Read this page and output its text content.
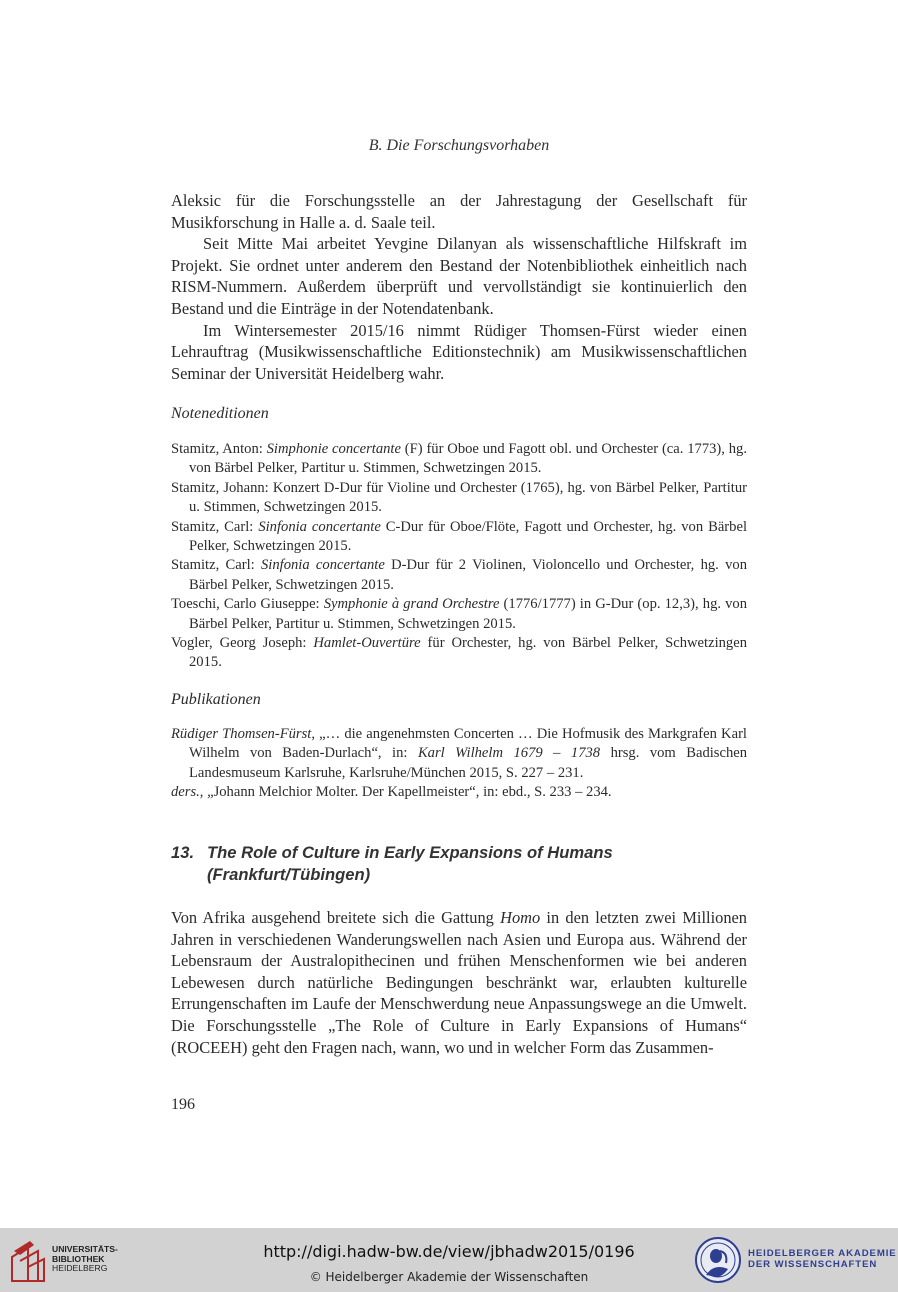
B. Die Forschungsvorhaben

Aleksic für die Forschungsstelle an der Jahrestagung der Gesellschaft für Musikforschung in Halle a. d. Saale teil.

Seit Mitte Mai arbeitet Yevgine Dilanyan als wissenschaftliche Hilfskraft im Projekt. Sie ordnet unter anderem den Bestand der Notenbibliothek einheitlich nach RISM-Nummern. Außerdem überprüft und vervollständigt sie kontinuierlich den Bestand und die Einträge in der Notendatenbank.

Im Wintersemester 2015/16 nimmt Rüdiger Thomsen-Fürst wieder einen Lehrauftrag (Musikwissenschaftliche Editionstechnik) am Musikwissenschaftlichen Seminar der Universität Heidelberg wahr.

Noteneditionen

Stamitz, Anton: Simphonie concertante (F) für Oboe und Fagott obl. und Orchester (ca. 1773), hg. von Bärbel Pelker, Partitur u. Stimmen, Schwetzingen 2015.

Stamitz, Johann: Konzert D-Dur für Violine und Orchester (1765), hg. von Bärbel Pelker, Partitur u. Stimmen, Schwetzingen 2015.

Stamitz, Carl: Sinfonia concertante C-Dur für Oboe/Flöte, Fagott und Orchester, hg. von Bärbel Pelker, Schwetzingen 2015.

Stamitz, Carl: Sinfonia concertante D-Dur für 2 Violinen, Violoncello und Orchester, hg. von Bärbel Pelker, Schwetzingen 2015.

Toeschi, Carlo Giuseppe: Symphonie à grand Orchestre (1776/1777) in G-Dur (op. 12,3), hg. von Bärbel Pelker, Partitur u. Stimmen, Schwetzingen 2015.

Vogler, Georg Joseph: Hamlet-Ouvertüre für Orchester, hg. von Bärbel Pelker, Schwetzingen 2015.

Publikationen

Rüdiger Thomsen-Fürst, „… die angenehmsten Concerten … Die Hofmusik des Markgrafen Karl Wilhelm von Baden-Durlach“, in: Karl Wilhelm 1679 – 1738 hrsg. vom Badischen Landesmuseum Karlsruhe, Karlsruhe/München 2015, S. 227 – 231.

ders., „Johann Melchior Molter. Der Kapellmeister“, in: ebd., S. 233 – 234.

13. The Role of Culture in Early Expansions of Humans
(Frankfurt/Tübingen)

Von Afrika ausgehend breitete sich die Gattung Homo in den letzten zwei Millionen Jahren in verschiedenen Wanderungswellen nach Asien und Europa aus. Während der Lebensraum der Australopithecinen und frühen Menschenformen wie bei anderen Lebewesen durch natürliche Bedingungen beschränkt war, erlaubten kulturelle Errungenschaften im Laufe der Menschwerdung neue Anpassungswege an die Umwelt. Die Forschungsstelle „The Role of Culture in Early Expansions of Humans“ (ROCEEH) geht den Fragen nach, wann, wo und in welcher Form das Zusammen-

196
UNIVERSITÄTS-
BIBLIOTHEK
HEIDELBERG
http://digi.hadw-bw.de/view/jbhadw2015/0196
© Heidelberger Akademie der Wissenschaften
HEIDELBERGER AKADEMIE
DER WISSENSCHAFTEN
